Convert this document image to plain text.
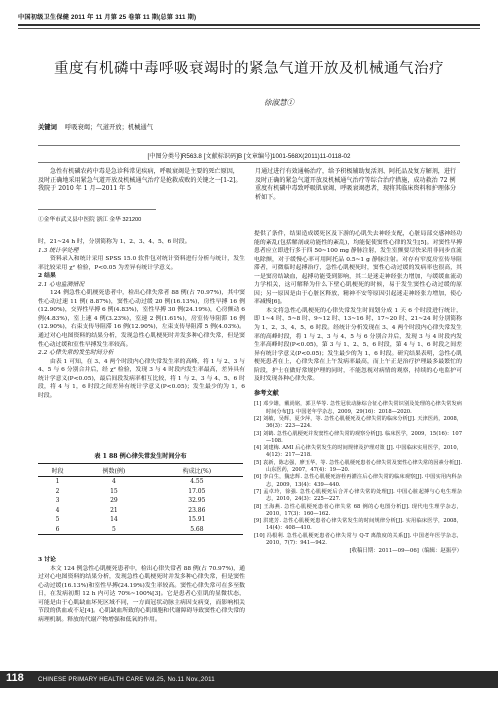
中国初级卫生保健 2011 年 11 月第 25 卷第 11 期(总第 311 期)
重度有机磷中毒呼吸衰竭时的紧急气道开放及机械通气治疗
徐淑慧①
关键词 呼吸衰竭；气道开放；机械通气
[中图分类号]R563.8 [文献标识码]B [文章编号]1001-568X(2011)11-0118-02
急性有机磷农药中毒是急诊科常见疾病，呼吸衰竭是主要的死亡原因，及时正确地采用紧急气道开放及机械通气治疗是抢救成败的关键之一[1-2]。我院于 2010 年 1 月—2011 年 5
月通过进行有效通畅治疗，给予积极辅助复活剂、阿托品及复方解剂，进行及时正确的紧急气道开放及机械通气治疗等综合治疗措施，成功救治 72 例重度有机磷中毒致呼吸肌衰竭、呼吸衰竭患者，现将其临床资料和护理体分析如下。
①金华市武义县中医院 浙江 金华 321200
时，21~24 h 时，分别简称为 1、2、3、4、5、6 时段。
1.3 统计学处理
资料录入和统计采用 SPSS 15.0 软件包对统计资料进行分析与统计，发生率比较采用 χ² 检验，P<0.05 为差异有统计学意义。
2 结果
2.1 心电监测情况
124 例急性心肌梗死患者中，检出心律失常者 88 例(占 70.97%)，其中窦性心动过速 11 例( 8.87%)，窦性心动过缓 20 例(16.13%)，房性早搏 16 例(12.90%)，交界性早搏 6 例(4.83%)，室性早搏 30 例(24.19%)，心房颤动 6 例(4.83%)，室上速 4 例(3.23%)，室速 2 例(1.61%)，房室传导阻滞 16 例(12.90%)，右束支传导阻滞 16 例(12.90%)，左束支传导阻滞 5 例(4.03%)。通过对心电图资料的结果分析，发现急性心肌梗死时并发多种心律失常，但是窦性心动过缓和室性早搏发生率较高。
2.2 心律失常的发生时间分析
由表 1 可知，在 3、4 两个时段内心律失常发生率的高峰，将 1 与 2、3 与 4、5 与 6 分别合并后，经 χ² 检验，发现 3 与 4 时段内发生率最高，差异具有统计学意义(P<0.05)，最后间段发病率相互比较，将 1 与 2、3 与 4、5、6 时段，将 4 与 1，6 时段之间差异有统计学意义(P<0.05)；发生最少的为 1，6 时段。
表 1 88 例心律失常发生时间分布
时段	例数(例)	构成比(%)
1	4	4.55
2	15	17.05
3	29	32.95
4	21	23.86
5	14	15.91
6	5	5.68
3 讨论
本文 124 例急性心肌梗死患者中，检出心律失常者 88 例(占 70.97%)，通过对心电图资料的结果分析，发现急性心肌梗死时并发多种心律失常，但是窦性心动过缓(16.13%)和室性早搏(24.19%)发生率较高。窦性心律失常可在多至数日，在发病初期 12 h 内可达 70%~100%[3]。它是患者心室肌的显微状态，可能是由于心肌缺血坏死区域不同，一方面冠状动脉主病因支病变，而影响相关节段的供血或不足[4]。心肌缺血所致的心肌细胞和代谢障碍导致窦性心律失常的病理机制。释放的代谢产物增强和低氧的作用。
提供了条件，结果造成缓死区及下游的心肌失去神经支配，心脏局部交感神经功能的紊乱(包括解剖或功能性的紊乱)，均能促使窦性心律的发生[5]。对窦性早搏患者应立即进行多于四 50~100 mg 静脉注射，发生室颤要尽快采用非同步直流电除颤，对于缓慢心率可用阿托品 0.5~1 g 静脉注射。对存有窄度房室传导阻滞者，可微临时起搏治疗，急性心肌梗死时，窦性心动过缓的发病率也很高，其一是窦房结缺血，起搏功能受到影响，其二是迷走神经张力增加，与缓缓血流动力学相关，这可解释为什么下壁心肌梗死的时候，易于发生窦性心动过缓的原因；另一原因是由于心脏区释放，精神不安等原因引起迷走神经张力增加，使心率减慢[6]。
本文将急性心肌梗死的心律失常发生时间划分成 1 天 6 个时段进行统计，即 1~4 时、5~8 时、9~12 时、13~16 时、17~20 时、21~24 时分别简称为 1、2、3、4、5、6 时段。经统计分析发现在 3、4 两个时段内心律失常发生率的高峰时段，将 1 与 2、3 与 4、5 与 6 分别合并后，发现 3 与 4 时段内发生率高峰时段(P<0.05)，第 3 与 1、2、5、6 时段，第 4 与 1、6 时段之间差异有统计学意义(P<0.05)；发生最少的为 1、6 时段。研究结果表明，急性心肌梗死患者在上，心律失常在上午发病率最高，而上午正是治疗护理最多最繁忙的阶段，护士在做好常规护理的同时，不能忽视对病情的观察，持续的心电监护可及时发现各种心律失常。
参考文献
[1] 邓少雄，戴尚铭，郭卫华等. 急性冠状动脉综合征心律失常识别及处理的心律失常发病时间分布[J]. 中国老年学杂志，2009，29(16)：2018—2020.
[2] 刘敏，吴辉，夏少萍，等. 急性心肌梗死及心律失常的临床分析[J]. 天津医药，2008，36(3)：223—224.
[3] 刘鹤. 急性心肌梗死并发窦性心律失常的观察分析[J]. 临床医学，2009，15(16)：107—108.
[4] 刘建梅. AMI 后心律失常发生的时间规律及护理对策 [J]. 中国临床实用医学，2010，4(12)：217—218.
[5] 袁新，陈志强，廖玉华，等. 急性心肌梗死患者心律失常及窦性心律失常的因素分析[J]. 山东医药，2007，47(4)：19—20.
[6] 李白生，魏忠辉. 急性心肌梗死溶栓再灌注后心律失常的临床观察[J]. 中国实用内科杂志，2009，13(4)：439—440.
[7] 孟卓玲，徐强. 急性心肌梗死后合并心律失常的处理[J]. 中国心脏起搏与心电生理杂志，2010，24(3)：225—227.
[8] 王海燕. 急性心肌梗死患者心律失常 68 例的心电图分析[J]. 现代电生理学杂志，2010，17(3)：160—162.
[9] 洪建芳. 急性心肌梗死患者心律失常发生的时间规律分析[J]. 实用临床医学，2008，14(4)：408—410.
[10] 冯根利. 急性心肌梗死患者心律失常与 Q-T 离散度的关系[J]. 中国老年医学杂志，2010，7(7)：941—942.
[收稿日期：2011—09—06]（编辑：赵振亭）
118 CHINESE PRIMARY HEALTH CARE Vol.25, No.11 Nov.,2011
